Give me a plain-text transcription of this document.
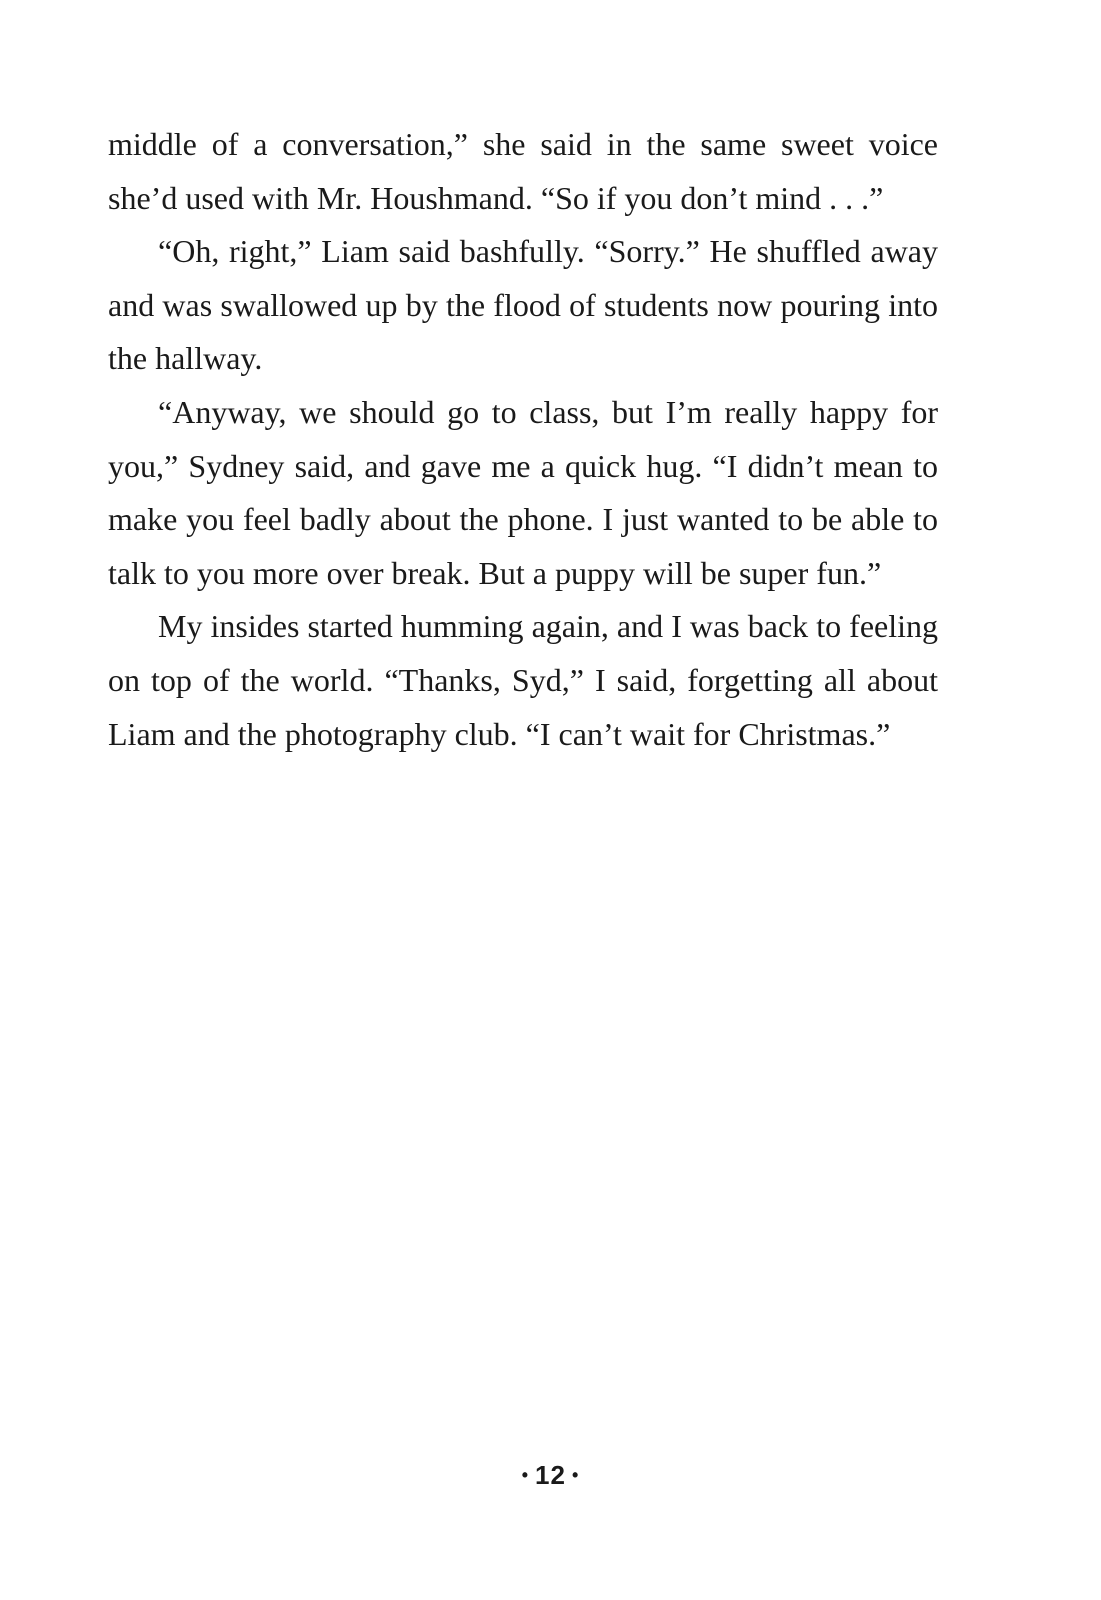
middle of a conversation,” she said in the same sweet voice she’d used with Mr. Houshmand. “So if you don’t mind . . .”

“Oh, right,” Liam said bashfully. “Sorry.” He shuffled away and was swallowed up by the flood of students now pouring into the hallway.

“Anyway, we should go to class, but I’m really happy for you,” Sydney said, and gave me a quick hug. “I didn’t mean to make you feel badly about the phone. I just wanted to be able to talk to you more over break. But a puppy will be super fun.”

My insides started humming again, and I was back to feeling on top of the world. “Thanks, Syd,” I said, forgetting all about Liam and the photography club. “I can’t wait for Christmas.”

• 12 •
